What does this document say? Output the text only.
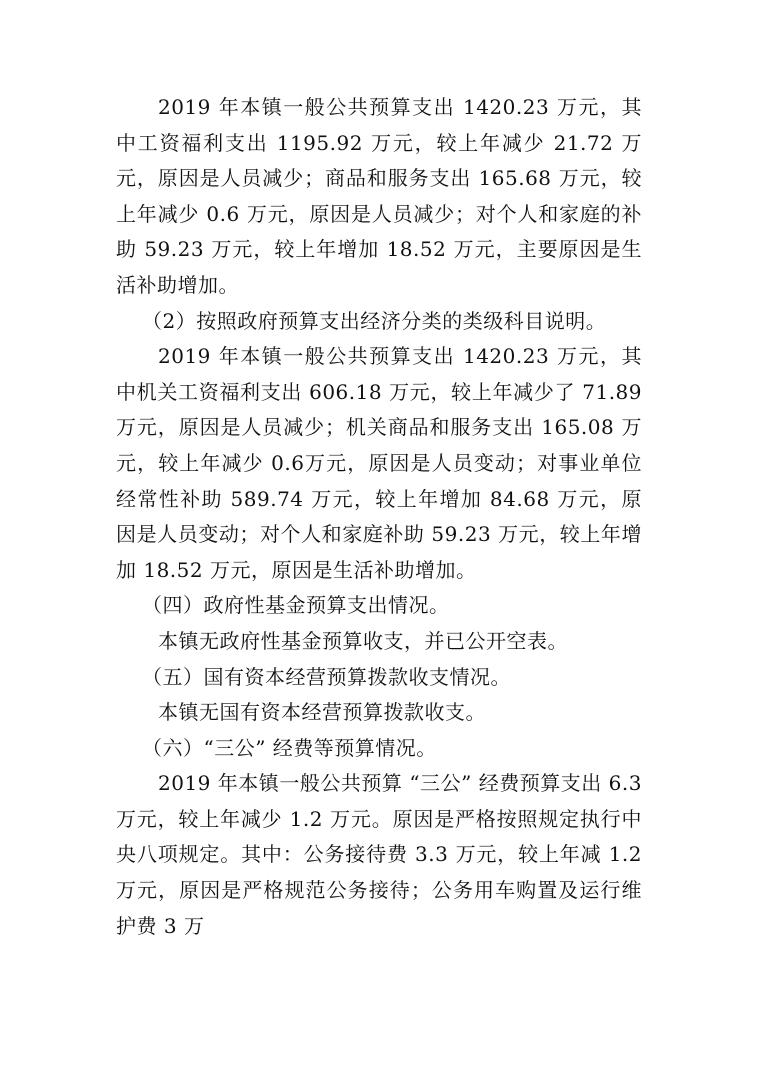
2019 年本镇一般公共预算支出 1420.23 万元，其中工资福利支出 1195.92 万元，较上年减少 21.72 万元，原因是人员减少；商品和服务支出 165.68 万元，较上年减少 0.6 万元，原因是人员减少；对个人和家庭的补助 59.23 万元，较上年增加 18.52 万元，主要原因是生活补助增加。

（2）按照政府预算支出经济分类的类级科目说明。

2019 年本镇一般公共预算支出 1420.23 万元，其中机关工资福利支出 606.18 万元，较上年减少了 71.89 万元，原因是人员减少；机关商品和服务支出 165.08 万元，较上年减少 0.6万元，原因是人员变动；对事业单位经常性补助 589.74 万元，较上年增加 84.68 万元，原因是人员变动；对个人和家庭补助 59.23 万元，较上年增加 18.52 万元，原因是生活补助增加。

（四）政府性基金预算支出情况。

本镇无政府性基金预算收支，并已公开空表。

（五）国有资本经营预算拨款收支情况。

本镇无国有资本经营预算拨款收支。

（六）“三公” 经费等预算情况。

2019 年本镇一般公共预算 “三公” 经费预算支出 6.3 万元，较上年减少 1.2 万元。原因是严格按照规定执行中央八项规定。其中：公务接待费 3.3 万元，较上年减 1.2 万元，原因是严格规范公务接待；公务用车购置及运行维护费 3 万
